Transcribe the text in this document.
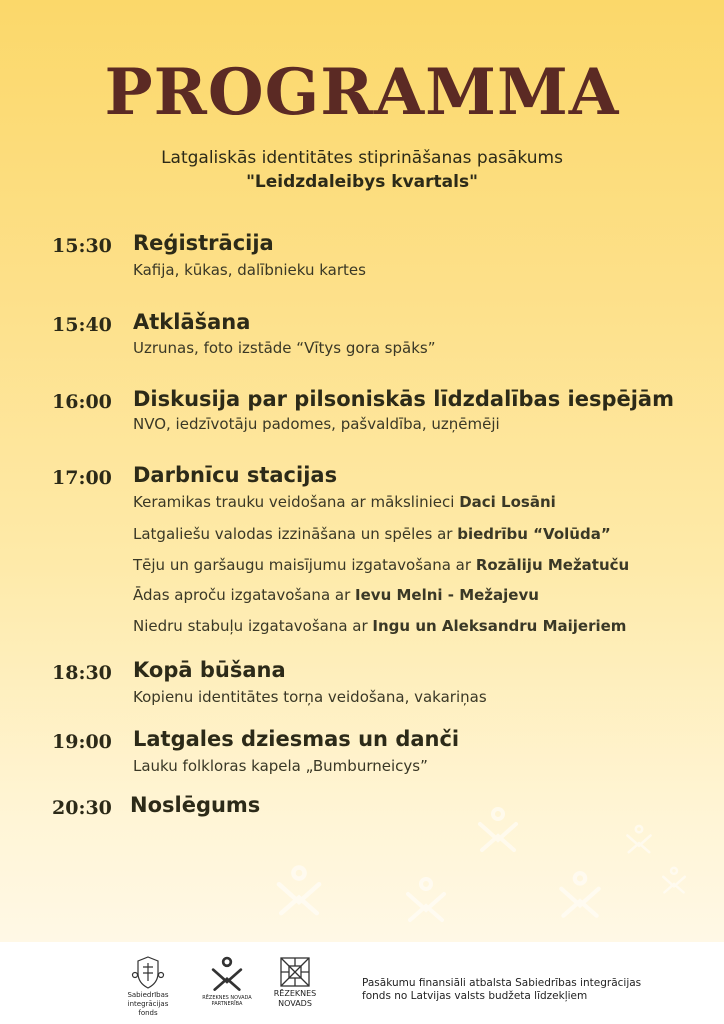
PROGRAMMA
Latgaliskās identitātes stiprināšanas pasākums
"Leidzdaleibys kvartals"
15:30 Reģistrācija
Kafija, kūkas, dalībnieku kartes
15:40 Atklāšana
Uzrunas, foto izstāde “Vītys gora spāks”
16:00 Diskusija par pilsoniskās līdzdalības iespējām
NVO, iedzīvotāju padomes, pašvaldība, uzņēmēji
17:00 Darbnīcu stacijas
Keramikas trauku veidošana ar mākslinieci Daci Losāni
Latgaliešu valodas izzināšana un spēles ar biedrību “Volūda”
Tēju un garšaugu maisījumu izgatavošana ar Rozāliju Mežatuču
Ādas aproču izgatavošana ar Ievu Melni - Mežajevu
Niedru stabuļu izgatavošana ar Ingu un Aleksandru Maijeriem
18:30 Kopā būšana
Kopienu identitātes torņa veidošana, vakariņas
19:00 Latgales dziesmas un danči
Lauku folkloras kapela „Bumburneicys”
20:30 Noslēgums
Sabiedrības integrācijas
fonds
RĒZEKNES NOVADA
PARTNERĪBA
RĒZEKNES
NOVADS
Pasākumu finansiāli atbalsta Sabiedrības integrācijas fonds no Latvijas valsts budžeta līdzekļiem
